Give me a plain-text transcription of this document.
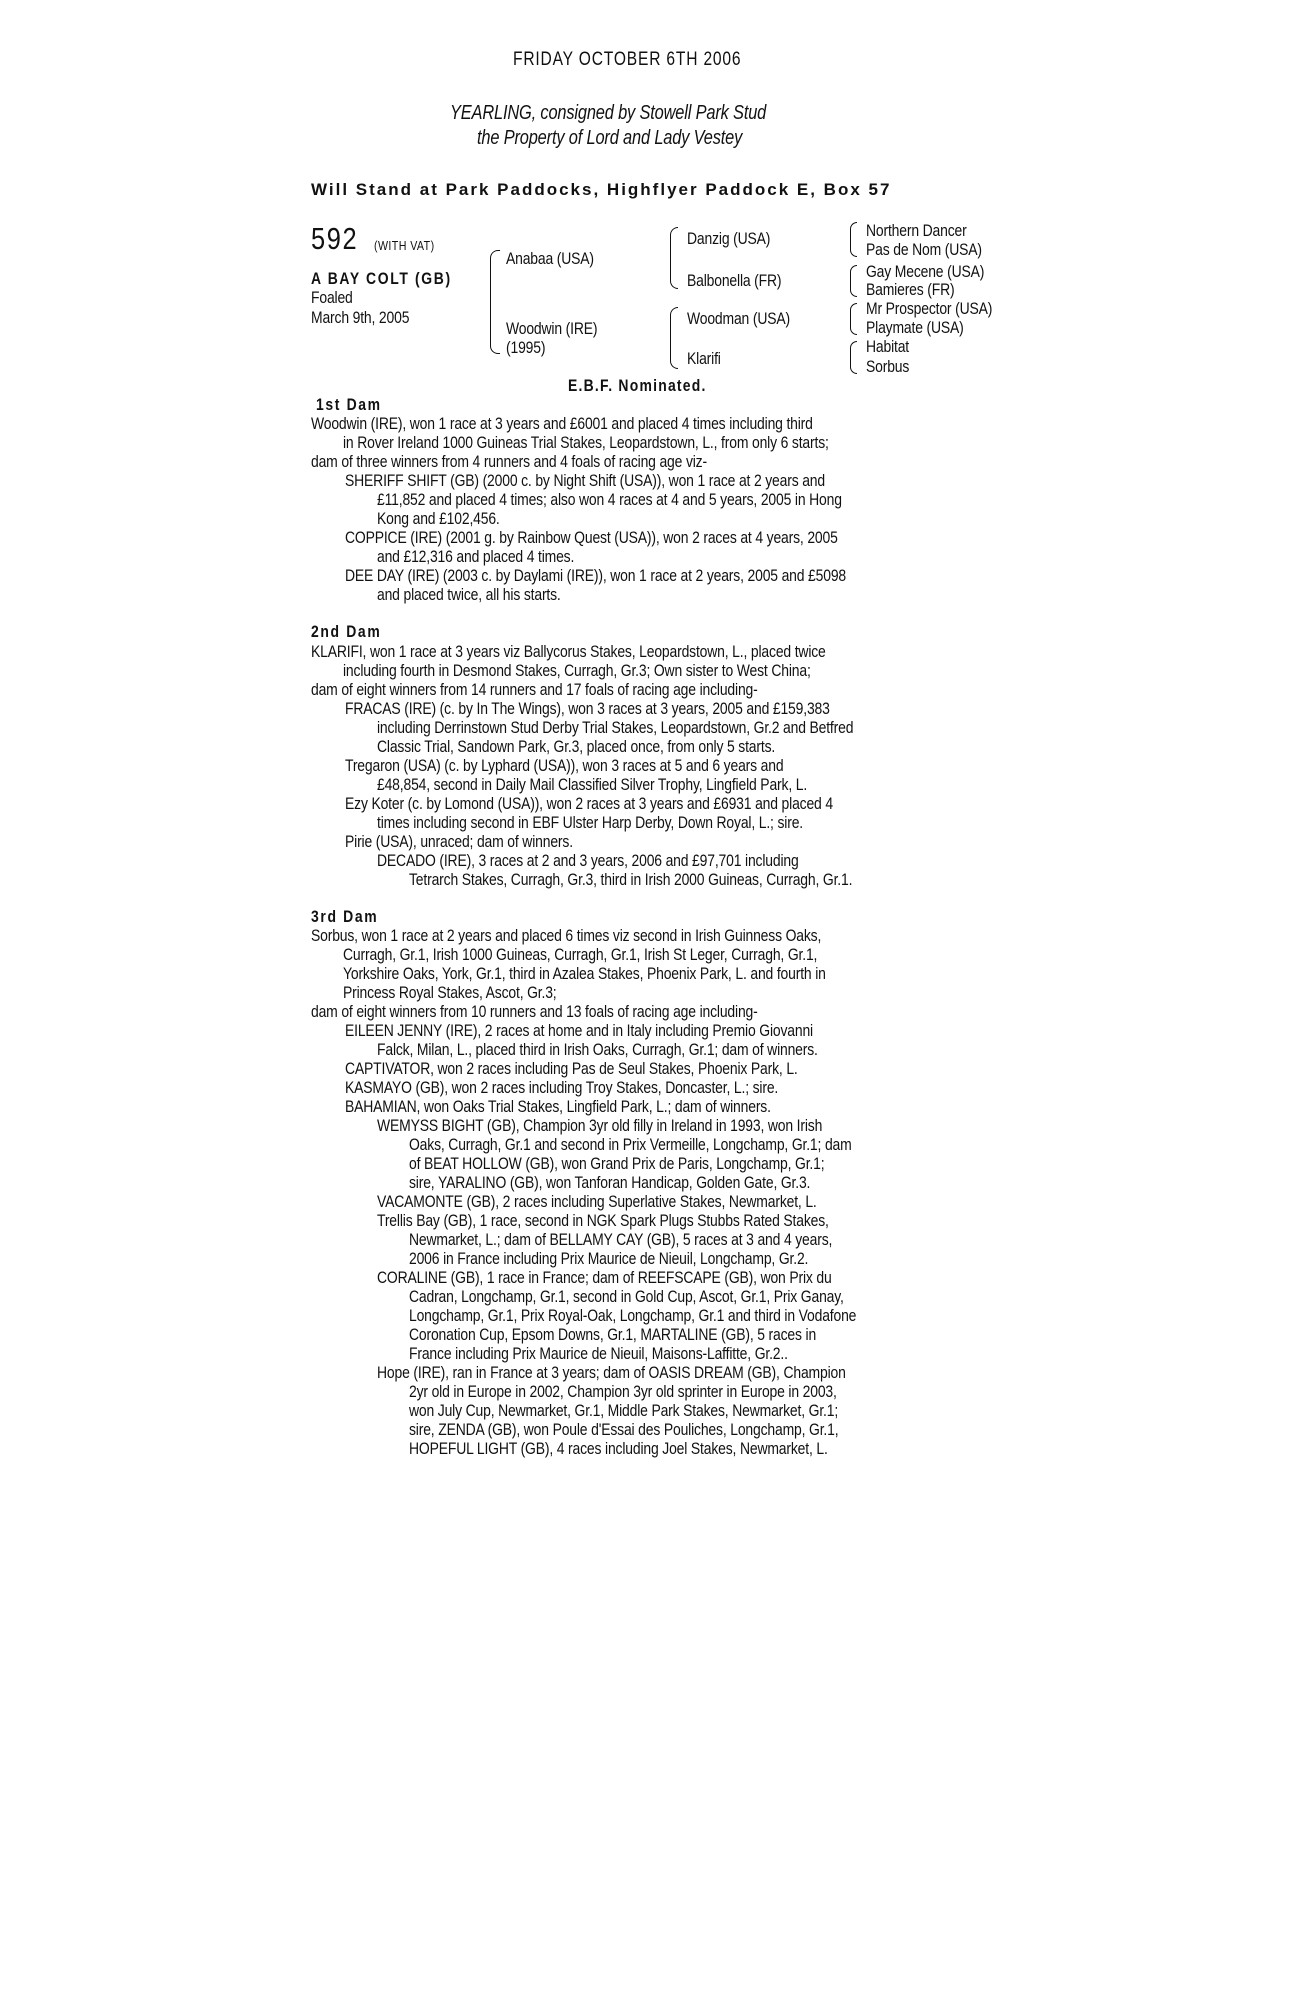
FRIDAY OCTOBER 6TH 2006
YEARLING, consigned by Stowell Park Stud
the Property of Lord and Lady Vestey
Will Stand at Park Paddocks, Highflyer Paddock E, Box 57
592 (WITH VAT)
A BAY COLT (GB)
Foaled
March 9th, 2005
Anabaa (USA)
Woodwin (IRE)
(1995)
Danzig (USA)
Balbonella (FR)
Woodman (USA)
Klarifi
Northern Dancer
Pas de Nom (USA)
Gay Mecene (USA)
Bamieres (FR)
Mr Prospector (USA)
Playmate (USA)
Habitat
Sorbus
E.B.F. Nominated.
1st Dam
Woodwin (IRE), won 1 race at 3 years and £6001 and placed 4 times including third
in Rover Ireland 1000 Guineas Trial Stakes, Leopardstown, L., from only 6 starts;
dam of three winners from 4 runners and 4 foals of racing age viz-
SHERIFF SHIFT (GB) (2000 c. by Night Shift (USA)), won 1 race at 2 years and
£11,852 and placed 4 times; also won 4 races at 4 and 5 years, 2005 in Hong
Kong and £102,456.
COPPICE (IRE) (2001 g. by Rainbow Quest (USA)), won 2 races at 4 years, 2005
and £12,316 and placed 4 times.
DEE DAY (IRE) (2003 c. by Daylami (IRE)), won 1 race at 2 years, 2005 and £5098
and placed twice, all his starts.
2nd Dam
KLARIFI, won 1 race at 3 years viz Ballycorus Stakes, Leopardstown, L., placed twice
including fourth in Desmond Stakes, Curragh, Gr.3; Own sister to West China;
dam of eight winners from 14 runners and 17 foals of racing age including-
FRACAS (IRE) (c. by In The Wings), won 3 races at 3 years, 2005 and £159,383
including Derrinstown Stud Derby Trial Stakes, Leopardstown, Gr.2 and Betfred
Classic Trial, Sandown Park, Gr.3, placed once, from only 5 starts.
Tregaron (USA) (c. by Lyphard (USA)), won 3 races at 5 and 6 years and
£48,854, second in Daily Mail Classified Silver Trophy, Lingfield Park, L.
Ezy Koter (c. by Lomond (USA)), won 2 races at 3 years and £6931 and placed 4
times including second in EBF Ulster Harp Derby, Down Royal, L.; sire.
Pirie (USA), unraced; dam of winners.
DECADO (IRE), 3 races at 2 and 3 years, 2006 and £97,701 including
Tetrarch Stakes, Curragh, Gr.3, third in Irish 2000 Guineas, Curragh, Gr.1.
3rd Dam
Sorbus, won 1 race at 2 years and placed 6 times viz second in Irish Guinness Oaks,
Curragh, Gr.1, Irish 1000 Guineas, Curragh, Gr.1, Irish St Leger, Curragh, Gr.1,
Yorkshire Oaks, York, Gr.1, third in Azalea Stakes, Phoenix Park, L. and fourth in
Princess Royal Stakes, Ascot, Gr.3;
dam of eight winners from 10 runners and 13 foals of racing age including-
EILEEN JENNY (IRE), 2 races at home and in Italy including Premio Giovanni
Falck, Milan, L., placed third in Irish Oaks, Curragh, Gr.1; dam of winners.
CAPTIVATOR, won 2 races including Pas de Seul Stakes, Phoenix Park, L.
KASMAYO (GB), won 2 races including Troy Stakes, Doncaster, L.; sire.
BAHAMIAN, won Oaks Trial Stakes, Lingfield Park, L.; dam of winners.
WEMYSS BIGHT (GB), Champion 3yr old filly in Ireland in 1993, won Irish
Oaks, Curragh, Gr.1 and second in Prix Vermeille, Longchamp, Gr.1; dam
of BEAT HOLLOW (GB), won Grand Prix de Paris, Longchamp, Gr.1;
sire, YARALINO (GB), won Tanforan Handicap, Golden Gate, Gr.3.
VACAMONTE (GB), 2 races including Superlative Stakes, Newmarket, L.
Trellis Bay (GB), 1 race, second in NGK Spark Plugs Stubbs Rated Stakes,
Newmarket, L.; dam of BELLAMY CAY (GB), 5 races at 3 and 4 years,
2006 in France including Prix Maurice de Nieuil, Longchamp, Gr.2.
CORALINE (GB), 1 race in France; dam of REEFSCAPE (GB), won Prix du
Cadran, Longchamp, Gr.1, second in Gold Cup, Ascot, Gr.1, Prix Ganay,
Longchamp, Gr.1, Prix Royal-Oak, Longchamp, Gr.1 and third in Vodafone
Coronation Cup, Epsom Downs, Gr.1, MARTALINE (GB), 5 races in
France including Prix Maurice de Nieuil, Maisons-Laffitte, Gr.2..
Hope (IRE), ran in France at 3 years; dam of OASIS DREAM (GB), Champion
2yr old in Europe in 2002, Champion 3yr old sprinter in Europe in 2003,
won July Cup, Newmarket, Gr.1, Middle Park Stakes, Newmarket, Gr.1;
sire, ZENDA (GB), won Poule d'Essai des Pouliches, Longchamp, Gr.1,
HOPEFUL LIGHT (GB), 4 races including Joel Stakes, Newmarket, L.
